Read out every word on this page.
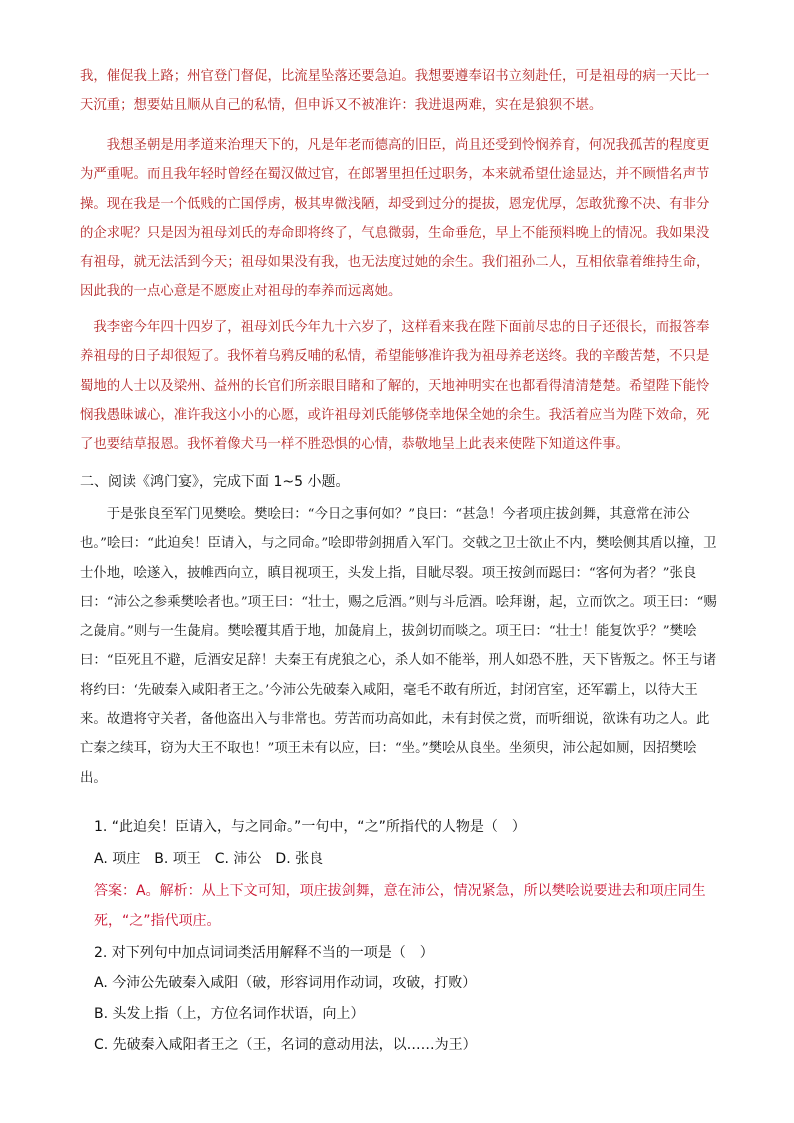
我，催促我上路；州官登门督促，比流星坠落还要急迫。我想要遵奉诏书立刻赴任，可是祖母的病一天比一天沉重；想要姑且顺从自己的私情，但申诉又不被准许：我进退两难，实在是狼狈不堪。

我想圣朝是用孝道来治理天下的，凡是年老而德高的旧臣，尚且还受到怜悯养育，何况我孤苦的程度更为严重呢。而且我年轻时曾经在蜀汉做过官，在郎署里担任过职务，本来就希望仕途显达，并不顾惜名声节操。现在我是一个低贱的亡国俘虏，极其卑微浅陋，却受到过分的提拔，恩宠优厚，怎敢犹豫不决、有非分的企求呢？只是因为祖母刘氏的寿命即将终了，气息微弱，生命垂危，早上不能预料晚上的情况。我如果没有祖母，就无法活到今天；祖母如果没有我，也无法度过她的余生。我们祖孙二人，互相依靠着维持生命，因此我的一点心意是不愿废止对祖母的奉养而远离她。

我李密今年四十四岁了，祖母刘氏今年九十六岁了，这样看来我在陛下面前尽忠的日子还很长，而报答奉养祖母的日子却很短了。我怀着乌鸦反哺的私情，希望能够准许我为祖母养老送终。我的辛酸苦楚，不只是蜀地的人士以及梁州、益州的长官们所亲眼目睹和了解的，天地神明实在也都看得清清楚楚。希望陛下能怜悯我愚昧诚心，准许我这小小的心愿，或许祖母刘氏能够侥幸地保全她的余生。我活着应当为陛下效命，死了也要结草报恩。我怀着像犬马一样不胜恐惧的心情，恭敬地呈上此表来使陛下知道这件事。

二、阅读《鸿门宴》，完成下面 1~5 小题。

于是张良至军门见樊哙。樊哙曰：“今日之事何如？”良曰：“甚急！今者项庄拔剑舞，其意常在沛公也。”哙曰：“此迫矣！臣请入，与之同命。”哙即带剑拥盾入军门。交戟之卫士欲止不内，樊哙侧其盾以撞，卫士仆地，哙遂入，披帷西向立，瞋目视项王，头发上指，目眦尽裂。项王按剑而跽曰：“客何为者？”张良曰：“沛公之参乘樊哙者也。”项王曰：“壮士，赐之卮酒。”则与斗卮酒。哙拜谢，起，立而饮之。项王曰：“赐之彘肩。”则与一生彘肩。樊哙覆其盾于地，加彘肩上，拔剑切而啖之。项王曰：“壮士！能复饮乎？”樊哙曰：“臣死且不避，卮酒安足辞！夫秦王有虎狼之心，杀人如不能举，刑人如恐不胜，天下皆叛之。怀王与诸将约曰：‘先破秦入咸阳者王之。’今沛公先破秦入咸阳，毫毛不敢有所近，封闭宫室，还军霸上，以待大王来。故遣将守关者，备他盗出入与非常也。劳苦而功高如此，未有封侯之赏，而听细说，欲诛有功之人。此亡秦之续耳，窃为大王不取也！”项王未有以应，曰：“坐。”樊哙从良坐。坐须臾，沛公起如厕，因招樊哙出。

1. “此迫矣！臣请入，与之同命。”一句中，“之”所指代的人物是（　）

A. 项庄　B. 项王　C. 沛公　D. 张良

答案：A。解析：从上下文可知，项庄拔剑舞，意在沛公，情况紧急，所以樊哙说要进去和项庄同生死，“之”指代项庄。

2. 对下列句中加点词词类活用解释不当的一项是（　）

A. 今沛公先破秦入咸阳（破，形容词用作动词，攻破，打败）

B. 头发上指（上，方位名词作状语，向上）

C. 先破秦入咸阳者王之（王，名词的意动用法，以……为王）
